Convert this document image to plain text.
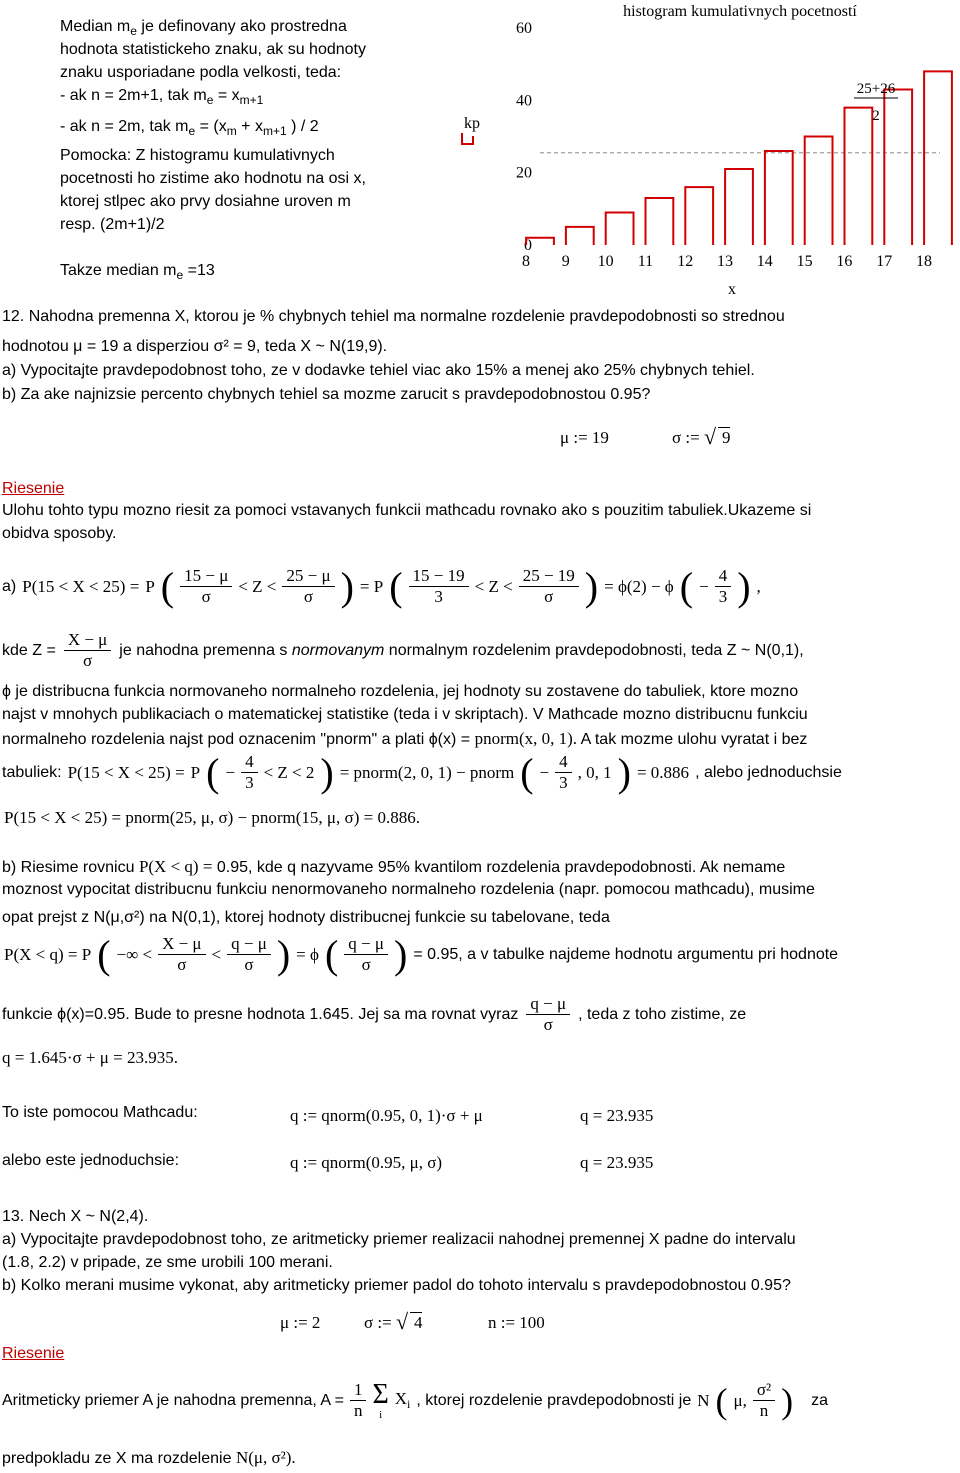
Median $m_e$ je definovany ako prostredna
hodnota statistickeho znaku, ak su hodnoty
znaku usporiadane podla velkosti, teda:
- ak n = 2m+1, tak $m_e = x_{m+1}$
- ak n = 2m, tak $m_e = (x_m + x_{m+1}$ ) / 2
Pomocka: Z histogramu kumulativnych
pocetnosti ho zistime ako hodnotu na osi x,
ktorej stlpec ako prvy dosiahne uroven m
resp. (2m+1)/2
Takze median $m_e =13$
histogram kumulativnych pocetností
kp
0
20
40
60
8 9 10 11 12 13 14 15 16 17 18
x
25+26
2
12. Nahodna premenna X, ktorou je % chybnych tehiel ma normalne rozdelenie pravdepodobnosti so strednou
hodnotou μ = 19 a disperziou σ² = 9, teda X ~ N(19,9).
a) Vypocitajte pravdepodobnost toho, ze v dodavke tehiel viac ako 15% a menej ako 25% chybnych tehiel.
b) Za ake najnizsie percento chybnych tehiel sa mozme zarucit s pravdepodobnostou 0.95?
μ := 19	σ := √ 9
Riesenie
Ulohu tohto typu mozno riesit za pomoci vstavanych funkcii mathcadu rovnako ako s pouzitim tabuliek.Ukazeme si
obidva sposoby.
a) P(15 < X < 25) = P ( $\frac{15 - \mu}{\sigma} < Z < \frac{25 - \mu}{\sigma}$ ) = P ( $\frac{15 - 19}{3} < Z < \frac{25 - 19}{\sigma}$ ) = ϕ(2) − ϕ ( − $\frac{4}{3}$ ) ,
kde $Z = \frac{X - \mu}{\sigma}$ je nahodna premenna s normovanym normalnym rozdelenim pravdepodobnosti, teda Z ~ N(0,1),
ϕ je distribucna funkcia normovaneho normalneho rozdelenia, jej hodnoty su zostavene do tabuliek, ktore mozno
najst v mnohych publikaciach o matematickej statistike (teda i v skriptach). V Mathcade mozno distribucnu funkciu
normalneho rozdelenia najst pod oznacenim "pnorm" a plati ϕ(x) = pnorm(x, 0, 1). A tak mozme ulohu vyratat i bez
tabuliek: P(15 < X < 25) = P ( − $\frac{4}{3} < Z < 2$ ) = pnorm(2, 0, 1) − pnorm ( − $\frac{4}{3}$ , 0, 1 ) = 0.886 , alebo jednoduchsie
P(15 < X < 25) = pnorm(25, μ, σ) − pnorm(15, μ, σ) = 0.886.
b) Riesime rovnicu P(X < q) = 0.95, kde q nazyvame 95% kvantilom rozdelenia pravdepodobnosti. Ak nemame
moznost vypocitat distribucnu funkciu nenormovaneho normalneho rozdelenia (napr. pomocou mathcadu), musime
opat prejst z N(μ,σ²) na N(0,1), ktorej hodnoty distribucnej funkcie su tabelovane, teda
P(X < q) = P ( −∞ < $\frac{X - \mu}{\sigma} < \frac{q - \mu}{\sigma}$ ) = ϕ ( $\frac{q - \mu}{\sigma}$ ) = 0.95, a v tabulke najdeme hodnotu argumentu pri hodnote
funkcie ϕ(x)=0.95. Bude to presne hodnota 1.645. Jej sa ma rovnat vyraz $\frac{q - \mu}{\sigma}$ , teda z toho zistime, ze
q = 1.645·σ + μ = 23.935.
To iste pomocou Mathcadu:	q := qnorm(0.95, 0, 1)·σ + μ	q = 23.935
alebo este jednoduchsie:	q := qnorm(0.95, μ, σ)	q = 23.935
13. Nech X ~ N(2,4).
a) Vypocitajte pravdepodobnost toho, ze aritmeticky priemer realizacii nahodnej premennej X padne do intervalu
(1.8, 2.2) v pripade, ze sme urobili 100 merani.
b) Kolko merani musime vykonat, aby aritmeticky priemer padol do tohoto intervalu s pravdepodobnostou 0.95?
μ := 2	σ := √ 4	n := 100
Riesenie
Aritmeticky priemer A je nahodna premenna, $A = \frac{1}{n}$ Σ
i
$X_i$ , ktorej rozdelenie pravdepodobnosti je N ( μ, $\frac{\text{σ²}}{n}$ ) za
predpokladu ze X ma rozdelenie N(μ, σ²).
